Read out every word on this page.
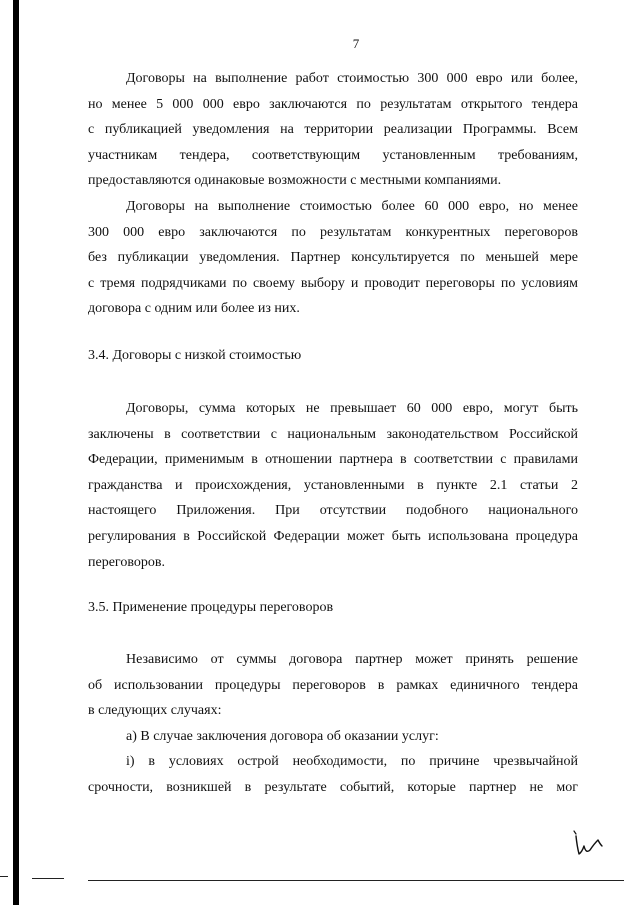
7
Договоры на выполнение работ стоимостью 300 000 евро или более,
но менее 5 000 000 евро заключаются по результатам открытого тендера
с публикацией уведомления на территории реализации Программы. Всем
участникам тендера, соответствующим установленным требованиям,
предоставляются одинаковые возможности с местными компаниями.
Договоры на выполнение стоимостью более 60 000 евро, но менее
300 000 евро заключаются по результатам конкурентных переговоров
без публикации уведомления. Партнер консультируется по меньшей мере
с тремя подрядчиками по своему выбору и проводит переговоры по условиям
договора с одним или более из них.
3.4. Договоры с низкой стоимостью
Договоры, сумма которых не превышает 60 000 евро, могут быть
заключены в соответствии с национальным законодательством Российской
Федерации, применимым в отношении партнера в соответствии с правилами
гражданства и происхождения, установленными в пункте 2.1 статьи 2
настоящего Приложения. При отсутствии подобного национального
регулирования в Российской Федерации может быть использована процедура
переговоров.
3.5. Применение процедуры переговоров
Независимо от суммы договора партнер может принять решение
об использовании процедуры переговоров в рамках единичного тендера
в следующих случаях:
а) В случае заключения договора об оказании услуг:
i) в условиях острой необходимости, по причине чрезвычайной
срочности, возникшей в результате событий, которые партнер не мог
